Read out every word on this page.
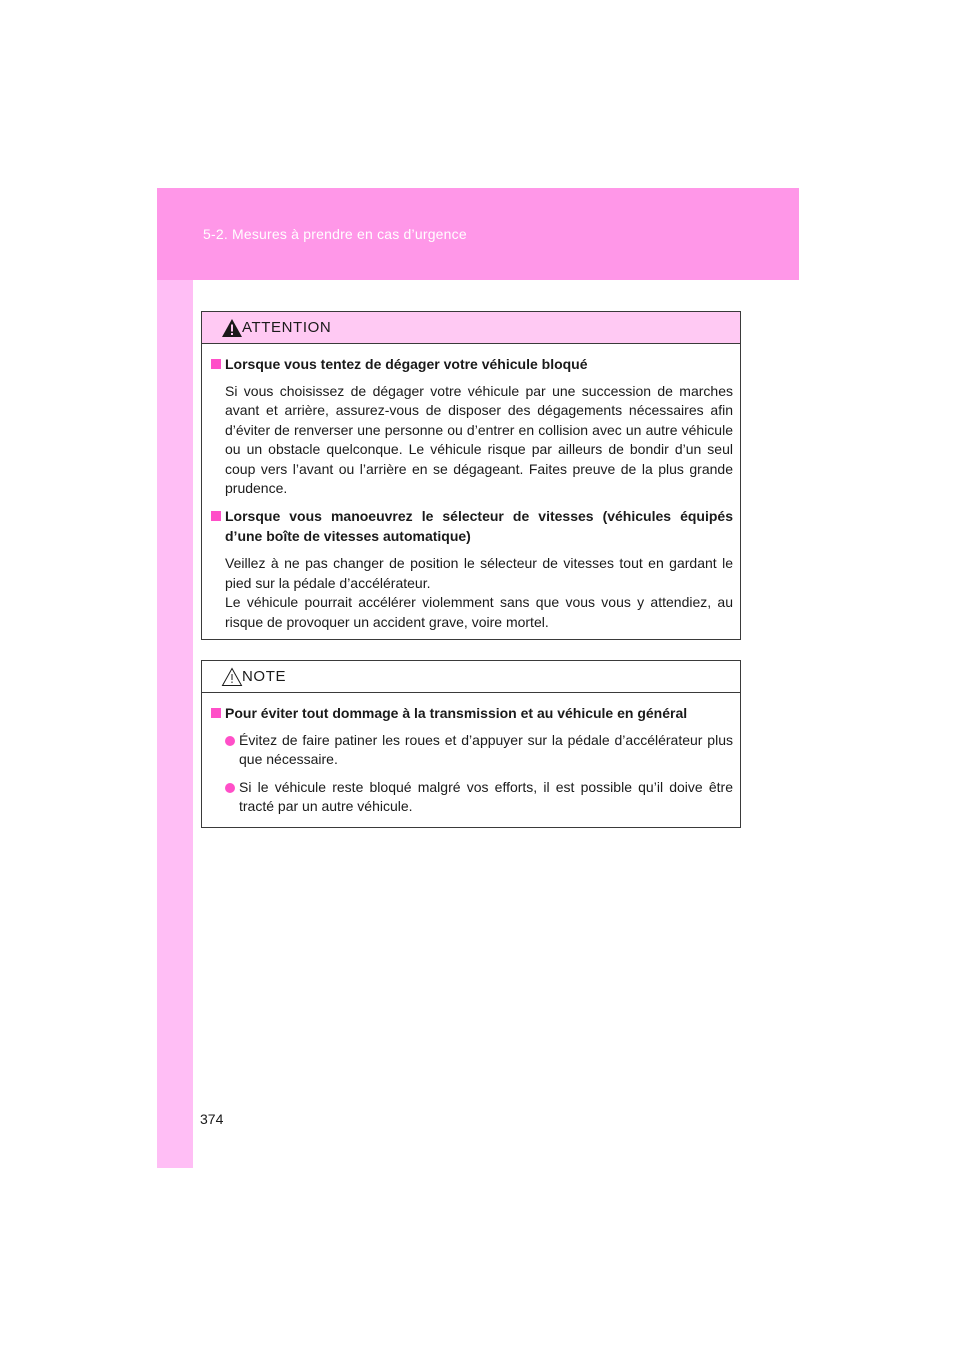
5-2. Mesures à prendre en cas d’urgence
ATTENTION
Lorsque vous tentez de dégager votre véhicule bloqué

Si vous choisissez de dégager votre véhicule par une succession de marches avant et arrière, assurez-vous de disposer des dégagements nécessaires afin d’éviter de renverser une personne ou d’entrer en collision avec un autre véhicule ou un obstacle quelconque. Le véhicule risque par ailleurs de bondir d’un seul coup vers l’avant ou l’arrière en se dégageant. Faites preuve de la plus grande prudence.

Lorsque vous manoeuvrez le sélecteur de vitesses (véhicules équipés d’une boîte de vitesses automatique)

Veillez à ne pas changer de position le sélecteur de vitesses tout en gardant le pied sur la pédale d’accélérateur.

Le véhicule pourrait accélérer violemment sans que vous vous y attendiez, au risque de provoquer un accident grave, voire mortel.

NOTE
Pour éviter tout dommage à la transmission et au véhicule en général
Évitez de faire patiner les roues et d’appuyer sur la pédale d’accélérateur plus que nécessaire.
Si le véhicule reste bloqué malgré vos efforts, il est possible qu’il doive être tracté par un autre véhicule.
374
